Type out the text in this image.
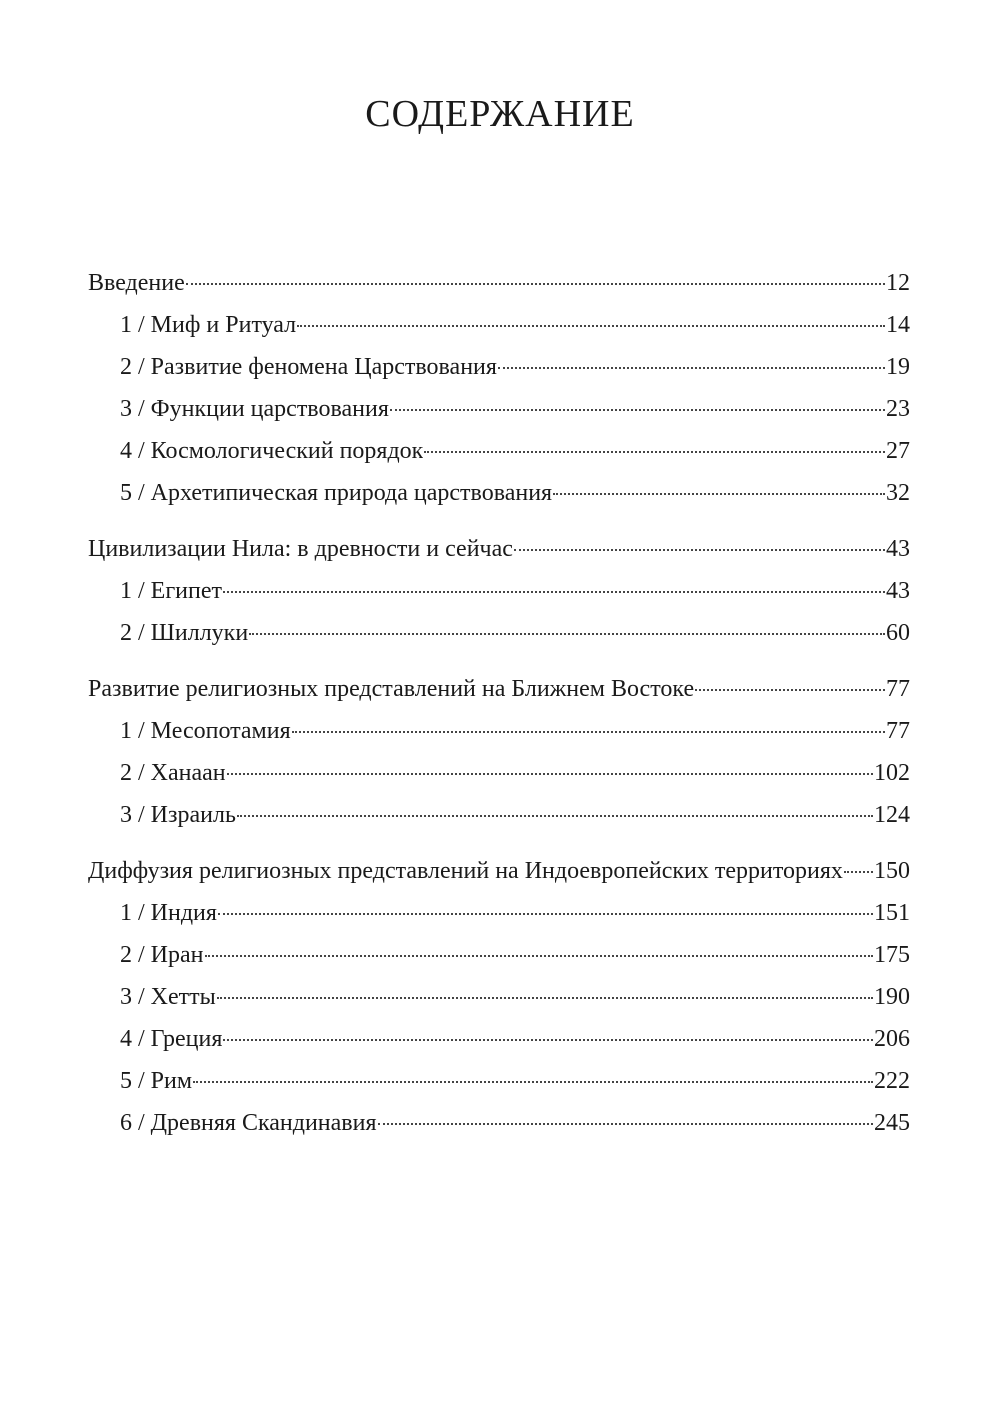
СОДЕРЖАНИЕ
Введение	12
1 / Миф и Ритуал	14
2 / Развитие феномена Царствования	19
3 / Функции царствования	23
4 / Космологический порядок	27
5 / Архетипическая природа царствования	32
Цивилизации Нила: в древности и сейчас	43
1 / Египет	43
2 / Шиллуки	60
Развитие религиозных представлений на Ближнем Востоке	77
1 / Месопотамия	77
2 / Ханаан	102
3 / Израиль	124
Диффузия религиозных представлений на Индоевропейских территориях 150
1 / Индия	151
2 / Иран	175
3 / Хетты	190
4 / Греция	206
5 / Рим	222
6 / Древняя Скандинавия	245
